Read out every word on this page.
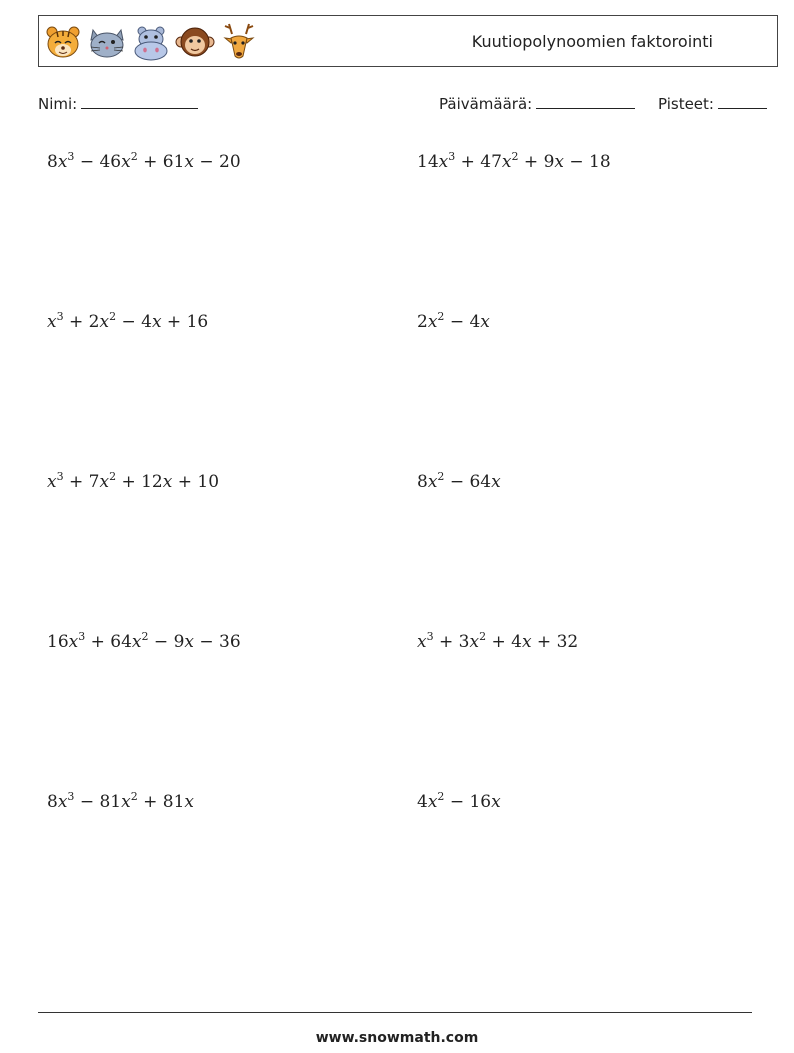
Kuutiopolynoomien faktorointi
Nimi:	Päivämäärä:	Pisteet:
$8x^3 - 46x^2 + 61x - 20$	$14x^3 + 47x^2 + 9x - 18$
$x^3 + 2x^2 - 4x + 16$	$2x^2 - 4x$
$x^3 + 7x^2 + 12x + 10$	$8x^2 - 64x$
$16x^3 + 64x^2 - 9x - 36$	$x^3 + 3x^2 + 4x + 32$
$8x^3 - 81x^2 + 81x$	$4x^2 - 16x$
www.snowmath.com
